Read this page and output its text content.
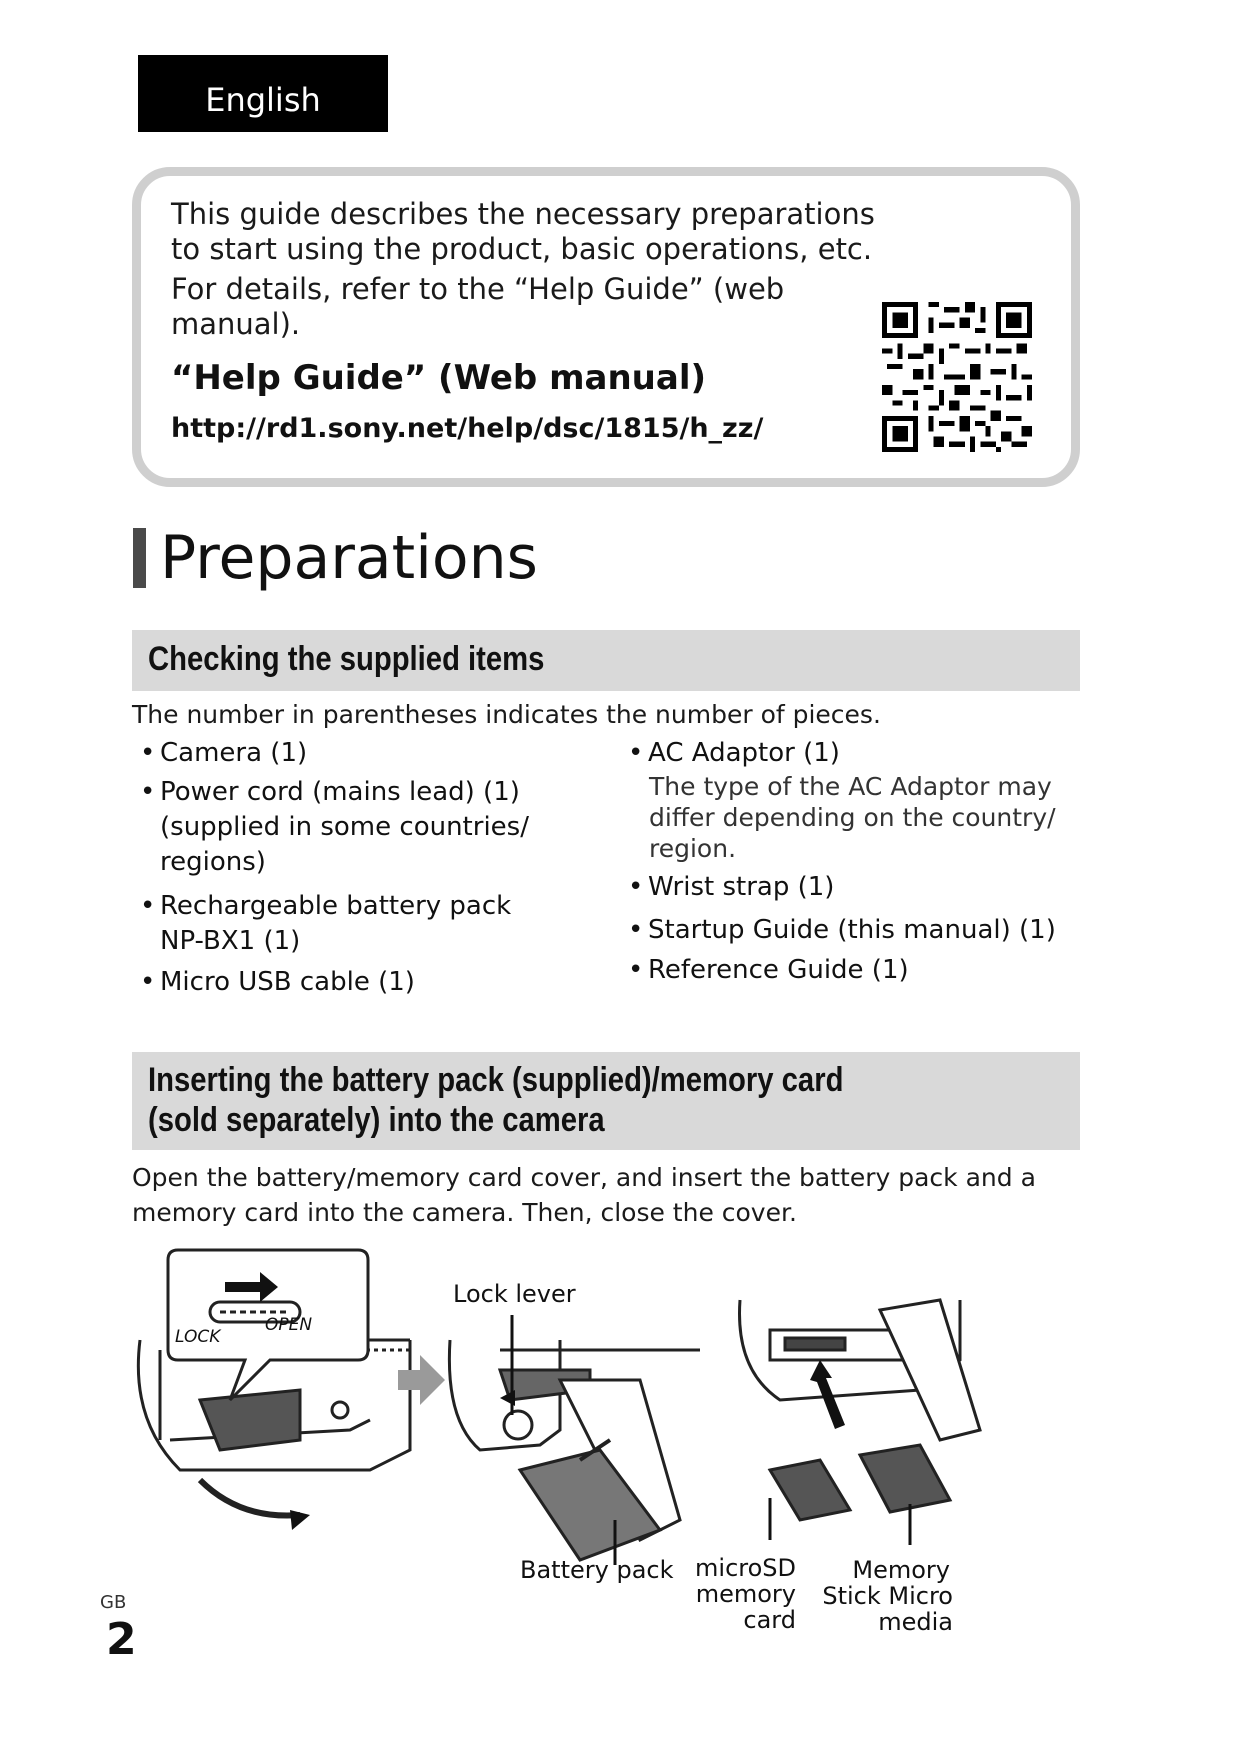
English
This guide describes the necessary preparations
to start using the product, basic operations, etc.
For details, refer to the “Help Guide” (web
manual).
“Help Guide” (Web manual)
http://rd1.sony.net/help/dsc/1815/h_zz/
Preparations
Checking the supplied items
The number in parentheses indicates the number of pieces.
• Camera (1)
• Power cord (mains lead) (1)
(supplied in some countries/
regions)
• Rechargeable battery pack
NP-BX1 (1)
• Micro USB cable (1)
• AC Adaptor (1)
The type of the AC Adaptor may
differ depending on the country/
region.
• Wrist strap (1)
• Startup Guide (this manual) (1)
• Reference Guide (1)
Inserting the battery pack (supplied)/memory card
(sold separately) into the camera
Open the battery/memory card cover, and insert the battery pack and a
memory card into the camera. Then, close the cover.
LOCK
OPEN
Lock lever
Battery pack microSD
memory
card
Memory
Stick Micro
media
GB
2
